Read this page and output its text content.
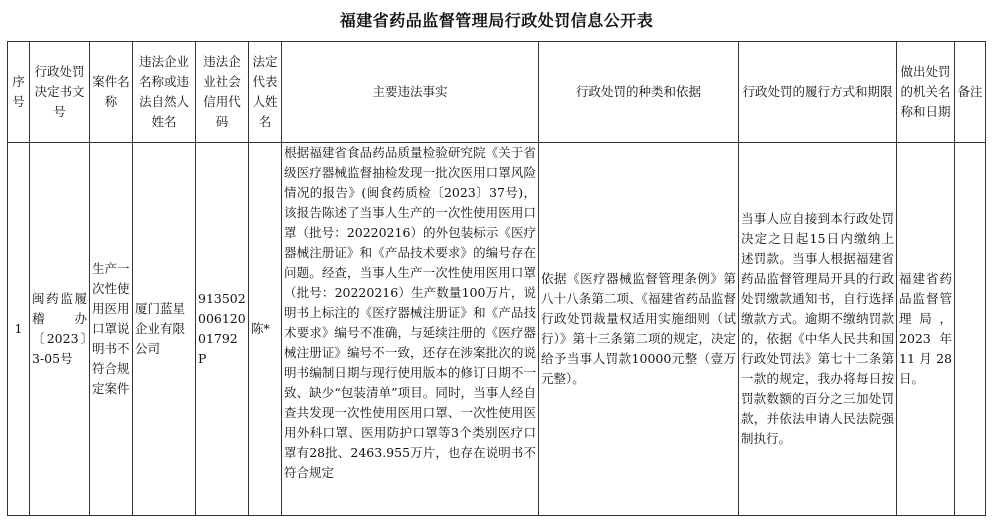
福建省药品监督管理局行政处罚信息公开表
序号	行政处罚决定书文号	案件名称	违法企业名称或违法自然人姓名	违法企业社会信用代码	法定代表人姓名	主要违法事实	行政处罚的种类和依据	行政处罚的履行方式和期限	做出处罚的机关名称和日期	备注
1	闽药监履稽办〔2023〕3-05号	生产一次性使用医用口罩说明书不符合规定案件	厦门蓝星企业有限公司	91350200612001792P	陈*	根据福建省食品药品质量检验研究院《关于省级医疗器械监督抽检发现一批次医用口罩风险情况的报告》(闽食药质检〔2023〕37号)，该报告陈述了当事人生产的一次性使用医用口罩（批号：20220216）的外包装标示《医疗器械注册证》和《产品技术要求》的编号存在问题。经查，当事人生产一次性使用医用口罩（批号：20220216）生产数量100万片，说明书上标注的《医疗器械注册证》和《产品技术要求》编号不准确，与延续注册的《医疗器械注册证》编号不一致，还存在涉案批次的说明书编制日期与现行使用版本的修订日期不一致、缺少“包装清单”项目。同时，当事人经自查共发现一次性使用医用口罩、一次性使用医用外科口罩、医用防护口罩等3个类别医疗口罩有28批、2463.955万片，也存在说明书不符合规定	依据《医疗器械监督管理条例》第八十八条第二项、《福建省药品监督行政处罚裁量权适用实施细则（试行）》第十三条第二项的规定，决定给予当事人罚款10000元整（壹万元整）。	当事人应自接到本行政处罚决定之日起15日内缴纳上述罚款。当事人根据福建省药品监督管理局开具的行政处罚缴款通知书，自行选择缴款方式。逾期不缴纳罚款的，依据《中华人民共和国行政处罚法》第七十二条第一款的规定，我办将每日按罚款数额的百分之三加处罚款，并依法申请人民法院强制执行。	福建省药品监督管理局，2023年11月28日。	
